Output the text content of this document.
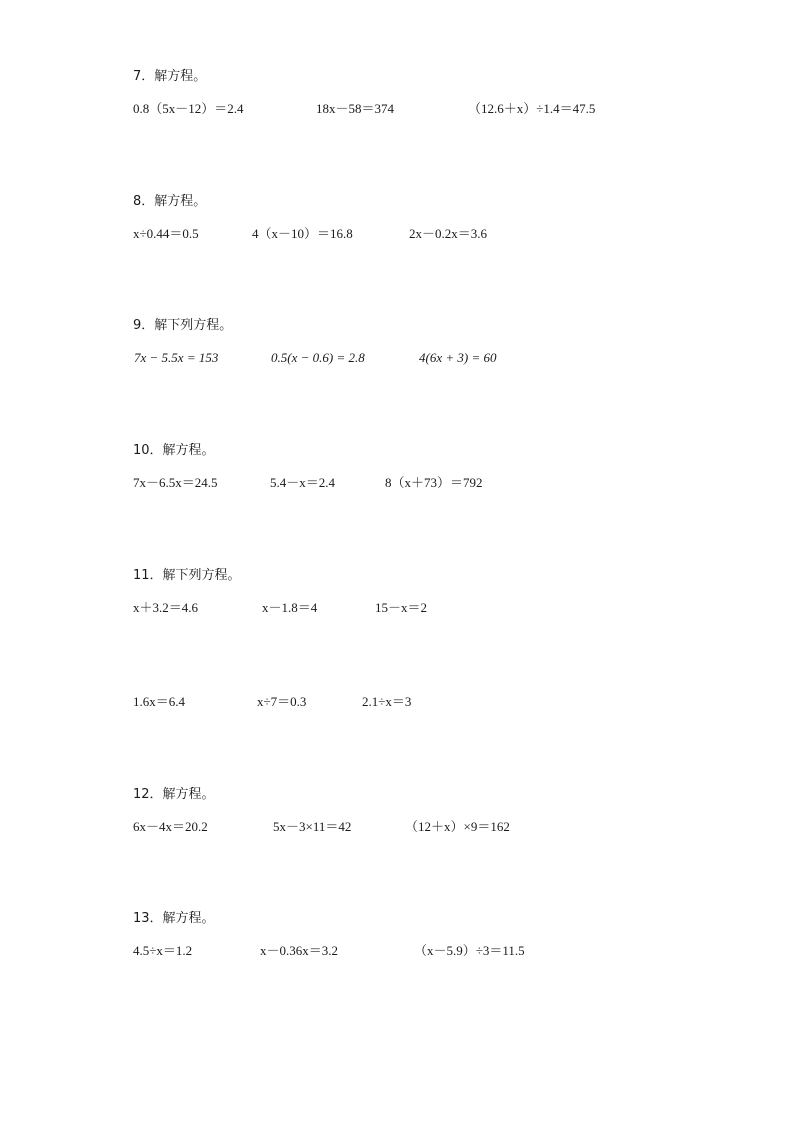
7．解方程。
0.8（5x－12）＝2.4	18x－58＝374	（12.6＋x）÷1.4＝47.5
8．解方程。
x÷0.44＝0.5	4（x－10）＝16.8	2x－0.2x＝3.6
9．解下列方程。
7x − 5.5x = 153	0.5(x − 0.6) = 2.8	4(6x + 3) = 60
10．解方程。
7x－6.5x＝24.5	5.4－x＝2.4	8（x＋73）＝792
11．解下列方程。
x＋3.2＝4.6	x－1.8＝4	15－x＝2
1.6x＝6.4	x÷7＝0.3	2.1÷x＝3
12．解方程。
6x－4x＝20.2	5x－3×11＝42	（12＋x）×9＝162
13．解方程。
4.5÷x＝1.2	x－0.36x＝3.2	（x－5.9）÷3＝11.5
